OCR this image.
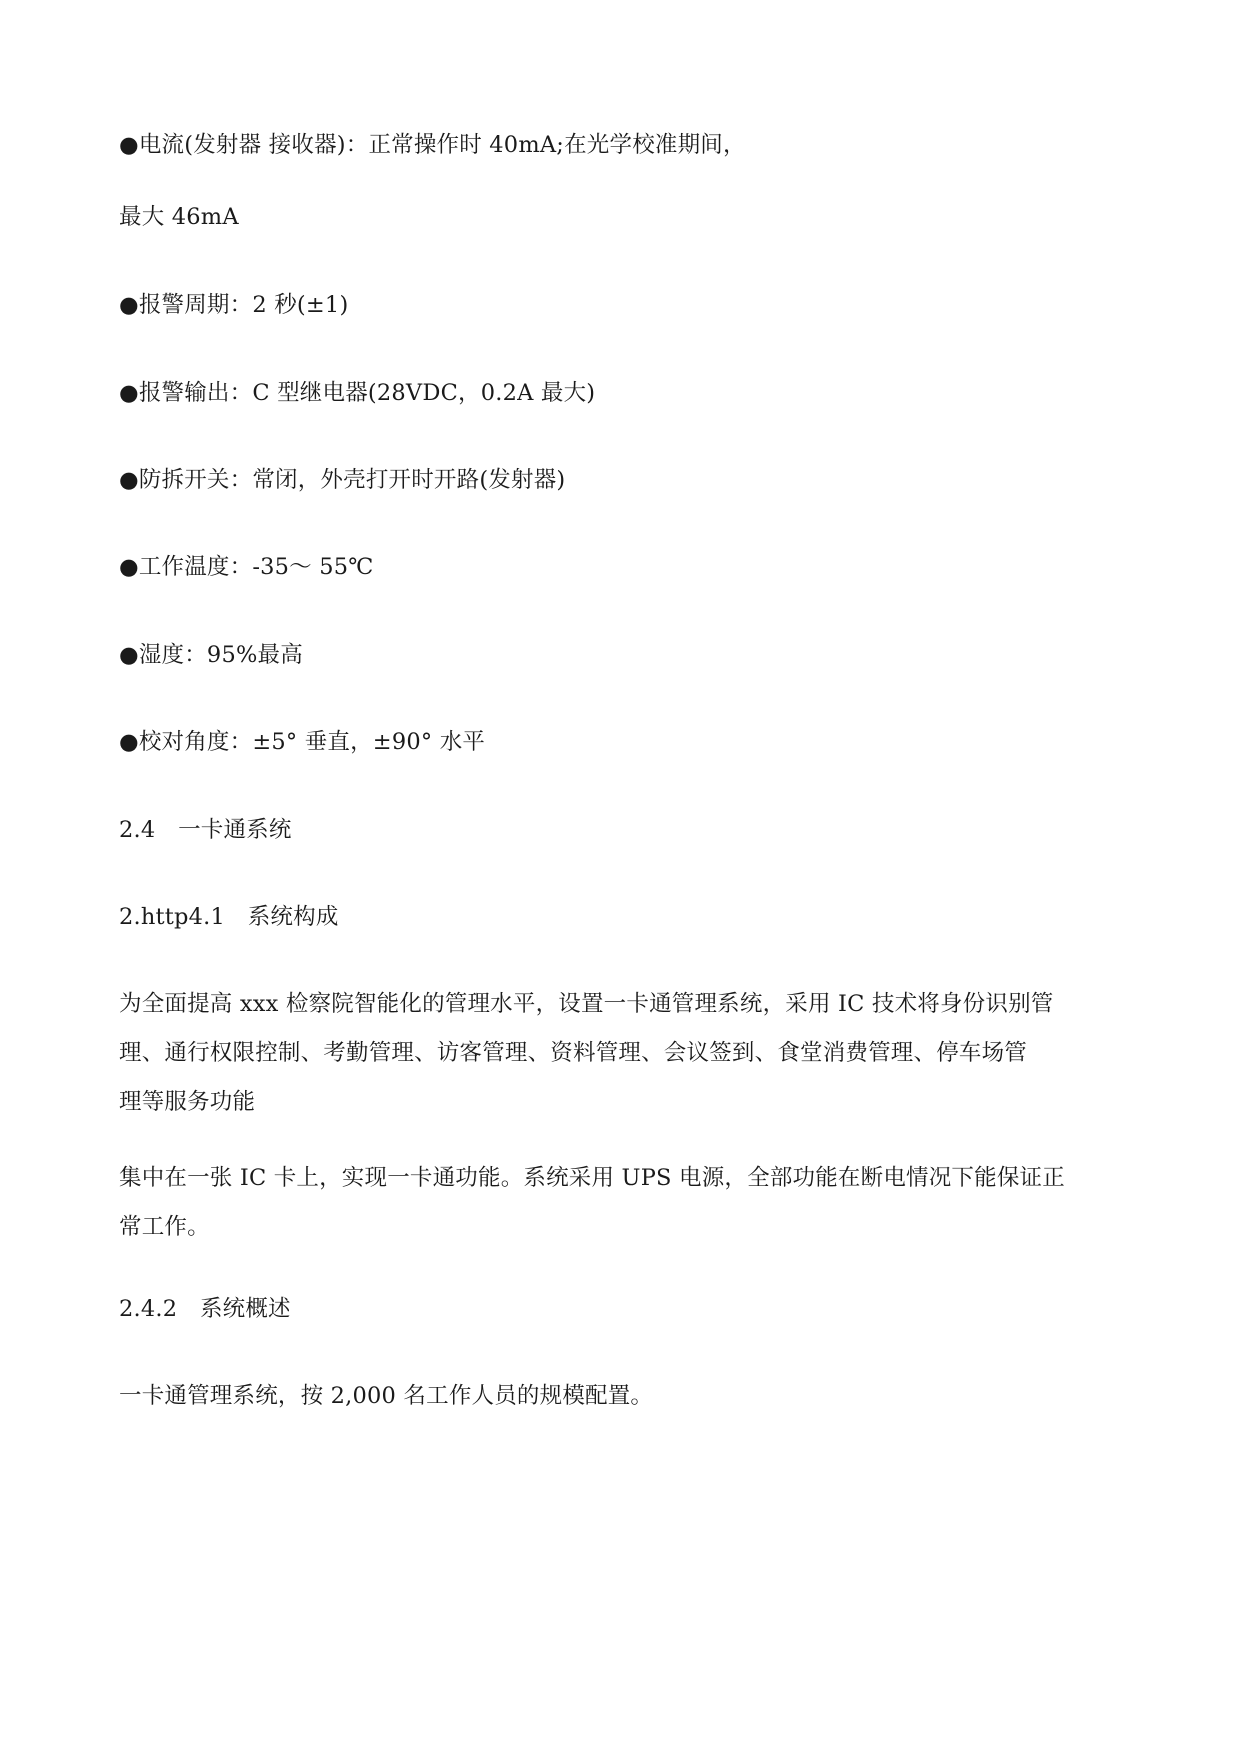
●电流(发射器 接收器)：正常操作时 40mA;在光学校准期间，
最大 46mA
●报警周期：2 秒(±1)
●报警输出：C 型继电器(28VDC，0.2A 最大)
●防拆开关：常闭，外壳打开时开路(发射器)
●工作温度：-35～ 55℃
●湿度：95%最高
●校对角度：±5° 垂直，±90° 水平
2.4　一卡通系统
2.http4.1　系统构成
为全面提高 xxx 检察院智能化的管理水平，设置一卡通管理系统，采用 IC 技术将身份识别管
理、通行权限控制、考勤管理、访客管理、资料管理、会议签到、食堂消费管理、停车场管
理等服务功能
集中在一张 IC 卡上，实现一卡通功能。系统采用 UPS 电源，全部功能在断电情况下能保证正
常工作。
2.4.2　系统概述
一卡通管理系统，按 2,000 名工作人员的规模配置。
